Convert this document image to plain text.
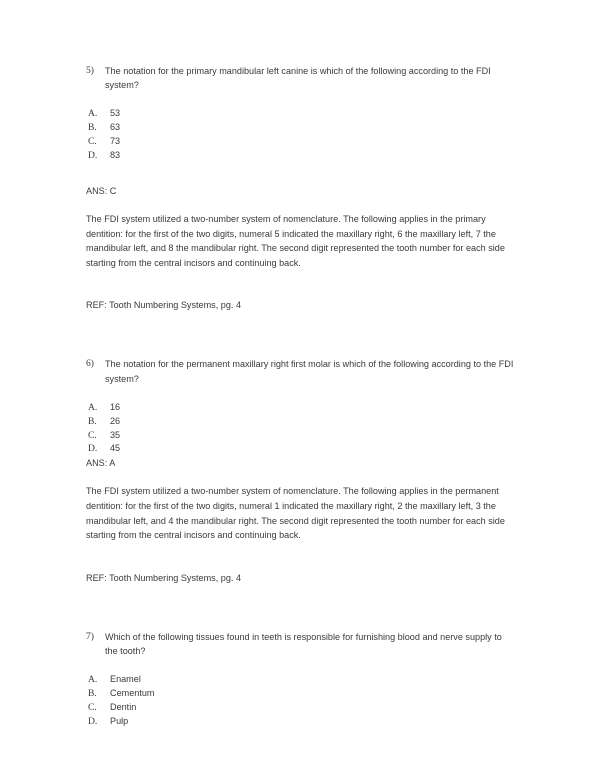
5)	The notation for the primary mandibular left canine is which of the following according to the FDI system?
A.	53
B.	63
C.	73
D.	83
ANS: C
The FDI system utilized a two-number system of nomenclature. The following applies in the primary dentition: for the first of the two digits, numeral 5 indicated the maxillary right, 6 the maxillary left, 7 the mandibular left, and 8 the mandibular right. The second digit represented the tooth number for each side starting from the central incisors and continuing back.
REF: Tooth Numbering Systems, pg. 4
6)	The notation for the permanent maxillary right first molar is which of the following according to the FDI system?
A.	16
B.	26
C.	35
D.	45
ANS: A
The FDI system utilized a two-number system of nomenclature. The following applies in the permanent dentition: for the first of the two digits, numeral 1 indicated the maxillary right, 2 the maxillary left, 3 the mandibular left, and 4 the mandibular right. The second digit represented the tooth number for each side starting from the central incisors and continuing back.
REF: Tooth Numbering Systems, pg. 4
7)	Which of the following tissues found in teeth is responsible for furnishing blood and nerve supply to the tooth?
A.	Enamel
B.	Cementum
C.	Dentin
D.	Pulp
